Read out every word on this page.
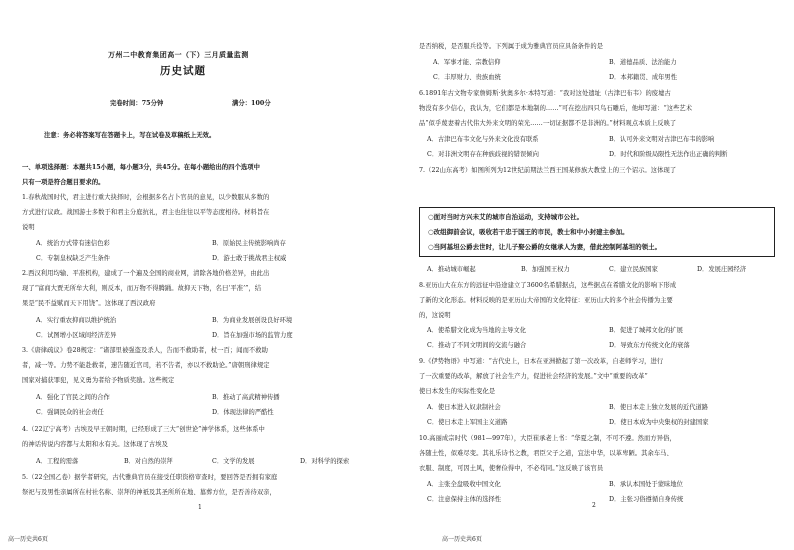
万州二中教育集团高一（下）三月质量监测
历史试题
完卷时间：75分钟	满分：100分
注意：务必将答案写在答题卡上，写在试卷及草稿纸上无效。
一、单项选择题：本题共15小题，每小题3分，共45分。在每小题给出的四个选项中
只有一项是符合题目要求的。
1.春秋战国时代，君主进行重大抉择时，会根据多名占卜官员的意见，以少数服从多数的
方式进行议政。战国游士多数于和君主分庭抗礼，君主也往往以平等态度相待。材料旨在
说明
A．统治方式带有迷信色彩	B．原始民主传统影响尚存
C．专制皇权缺乏产生条件	D．游士敢于挑战君主权威
2.西汉利用均输、平准机构，建成了一个遍及全国的商业网，清除各地价格差异，由此出
现了“富商大贾无所牟大利，则反本，而万物不得腾踊。故抑天下物，名曰‘平准’”，结
果是“民不益赋而天下用饶”。这体现了西汉政府
A．实行重农抑商以维护统治	B．为商业发展创设良好环境
C．试图增小区域间经济差异	D．旨在加强市场的监管力度
3.《唐律疏议》卷28规定：“诸部里被强盗及杀人，告而不救助者，杖一百；闻而不救助
者，减一等。力势不能赴救者，速告随近官司，若不告者，亦以不救助论。”唐朝刑律规定
国家对捕获罪犯，见义勇为者给予物质奖励。这些规定
A．强化了官民之间的合作	B．推动了高武精神传播
C．强调民众的社会责任	D．体现法律的严酷性
4.（22辽宁高考）古埃及早王朝时期，已经形成了三大“创世论”神学体系，这些体系中
的神话传说内容都与太阳和水有关。这体现了古埃及
A．工程的需落	B．对自然的崇拜	C．文学的发展	D．对科学的探索
5.（22全国乙卷）据学者研究，古代雅典官员在接受任职资格审查时，要回答是否拥有家庭
祭祀与及男性亲属所在村社名称、崇拜的神祇及其圣所所在地、墓葬方位，是否善待双亲，
1
高一历史共6页
是否纳税，是否服兵役等。下列属于成为雅典官员应具备条件的是
A．军事才能、宗教信仰	B．道德品质、法治能力
C．丰厚财力、贵族血统	D．本邦籍贯、成年男性
6.1891年古文物专家詹姆斯·狄奥多尔·本特写道：“我对这处遗址（古津巴布韦）的废墟古
物没有多少信心，我认为，它们都是本地制的……”可在挖出四只鸟石雕后，他却写道：“这些艺术
品”似乎蔑妻着古代伟大外来文明的荣光……一切证据都不是非洲的。”材料观点本质上反映了
A．古津巴布韦文化与外来文化没有联系	B．认可外来文明对古津巴布韦的影响
C．对非洲文明存在种族歧视的错误倾向	D．时代和阶级局限性无法作出正确的判断
7.（22山东高考）如图所列为12世纪前期法兰西王国某修族大教堂上的三个诏示。这体现了
○面对当时方兴未艾的城市自治运动，支持城市公社。
○改组御前会议，吸收若干忠于国王的市民，教士和中小封建主参加。
○当阿基坦公爵去世时，让儿子娶公爵的女继承人为妻，借此控制阿基坦的领土。
A．推动城市崛起	B．加强国王权力	C．建立民族国家	D．发展庄园经济
8.亚历山大在东方的远征中沿途建立了3600名希腊据点，这些据点在希腊文化的影响下形成
了新的文化形态。材料反映的是亚历山大帝国的文化特征：亚历山大的多个社会传播为主要
的，这说明
A．使希腊文化成为当地的主导文化	B．促进了城邦文化的扩展
C．推动了不同文明间的交流与融合	D．导致东方传统文化的衰落
9.《伊势物语》中写道：“古代史上，日本在亚洲掀起了第一次改革，自老师学习，进行
了一次重要的改革，解放了社会生产力，促进社会经济的发展。”文中“重要的改革”
使日本发生的实际性变化是
A．使日本进入奴隶制社会	B．使日本走上独立发展的近代道路
C．使日本走上军国主义道路	D．使日本成为中央集权的封建国家
10.高丽成宗时代（981—997年），大臣崔承老上书：“华夏之制，不可不遵。然而方异俗，
各随土性，似难尽变。其礼乐诗书之教，君臣父子之道，宜法中华，以革卑陋。其余车马、
衣服、制度，可因土风，使奢俭得中，不必苟同。”这反映了该官员
A．主张全盘吸收中国文化	B．承认本国处于蒙昧地位
C．注意保持主体的选择性	D．主张习俗遵循自身传统
2
高一历史共6页
